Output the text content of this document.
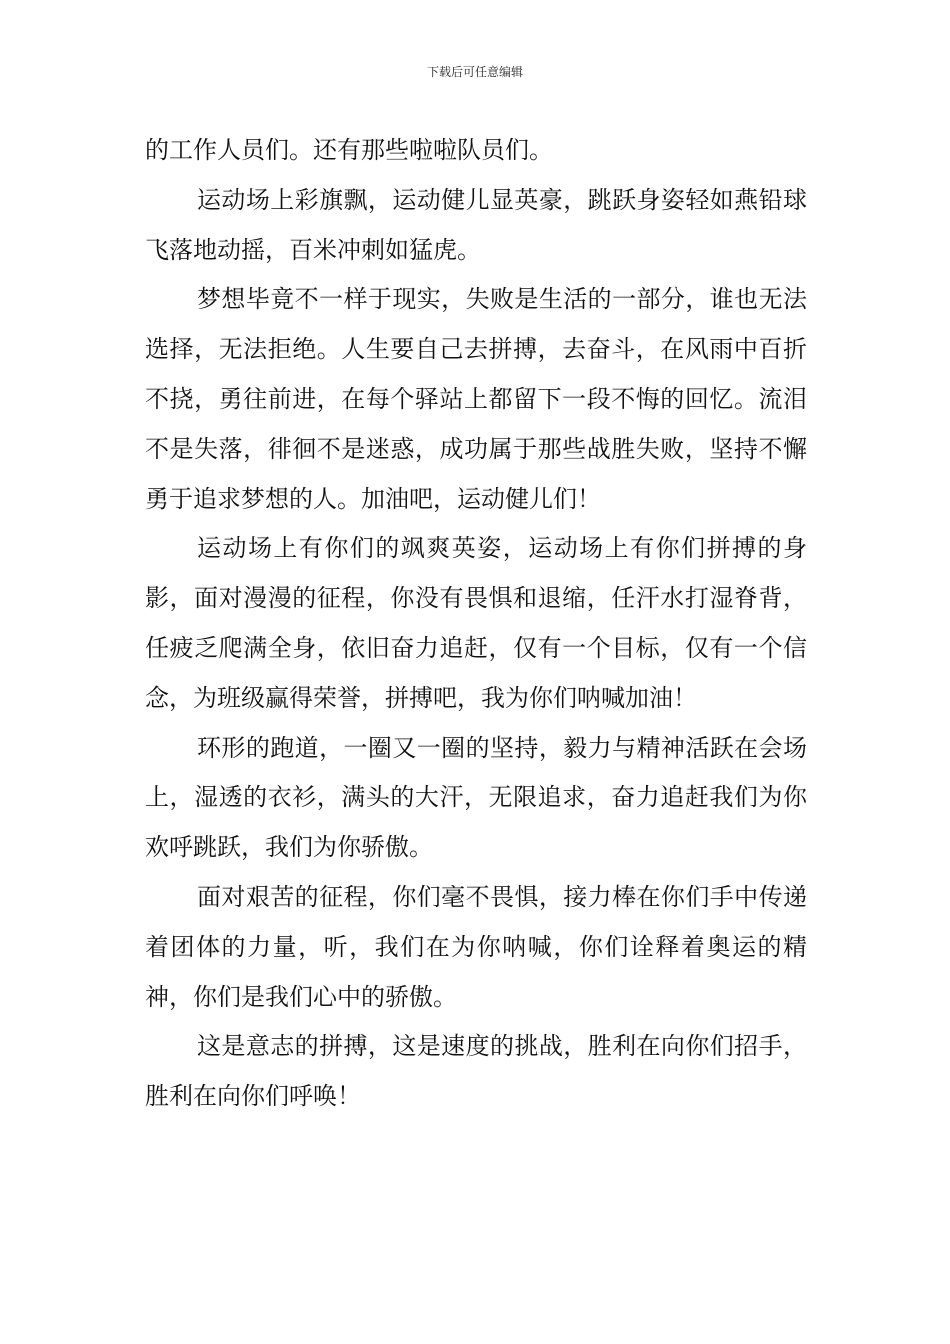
下载后可任意编辑

的工作人员们。还有那些啦啦队员们。

运动场上彩旗飘，运动健儿显英豪，跳跃身姿轻如燕铅球飞落地动摇，百米冲刺如猛虎。

梦想毕竟不一样于现实，失败是生活的一部分，谁也无法选择，无法拒绝。人生要自己去拼搏，去奋斗，在风雨中百折不挠，勇往前进，在每个驿站上都留下一段不悔的回忆。流泪不是失落，徘徊不是迷惑，成功属于那些战胜失败，坚持不懈勇于追求梦想的人。加油吧，运动健儿们！

运动场上有你们的飒爽英姿，运动场上有你们拼搏的身影，面对漫漫的征程，你没有畏惧和退缩，任汗水打湿脊背，任疲乏爬满全身，依旧奋力追赶，仅有一个目标，仅有一个信念，为班级赢得荣誉，拼搏吧，我为你们呐喊加油！

环形的跑道，一圈又一圈的坚持，毅力与精神活跃在会场上，湿透的衣衫，满头的大汗，无限追求，奋力追赶我们为你欢呼跳跃，我们为你骄傲。

面对艰苦的征程，你们毫不畏惧，接力棒在你们手中传递着团体的力量，听，我们在为你呐喊，你们诠释着奥运的精神，你们是我们心中的骄傲。

这是意志的拼搏，这是速度的挑战，胜利在向你们招手，胜利在向你们呼唤！
